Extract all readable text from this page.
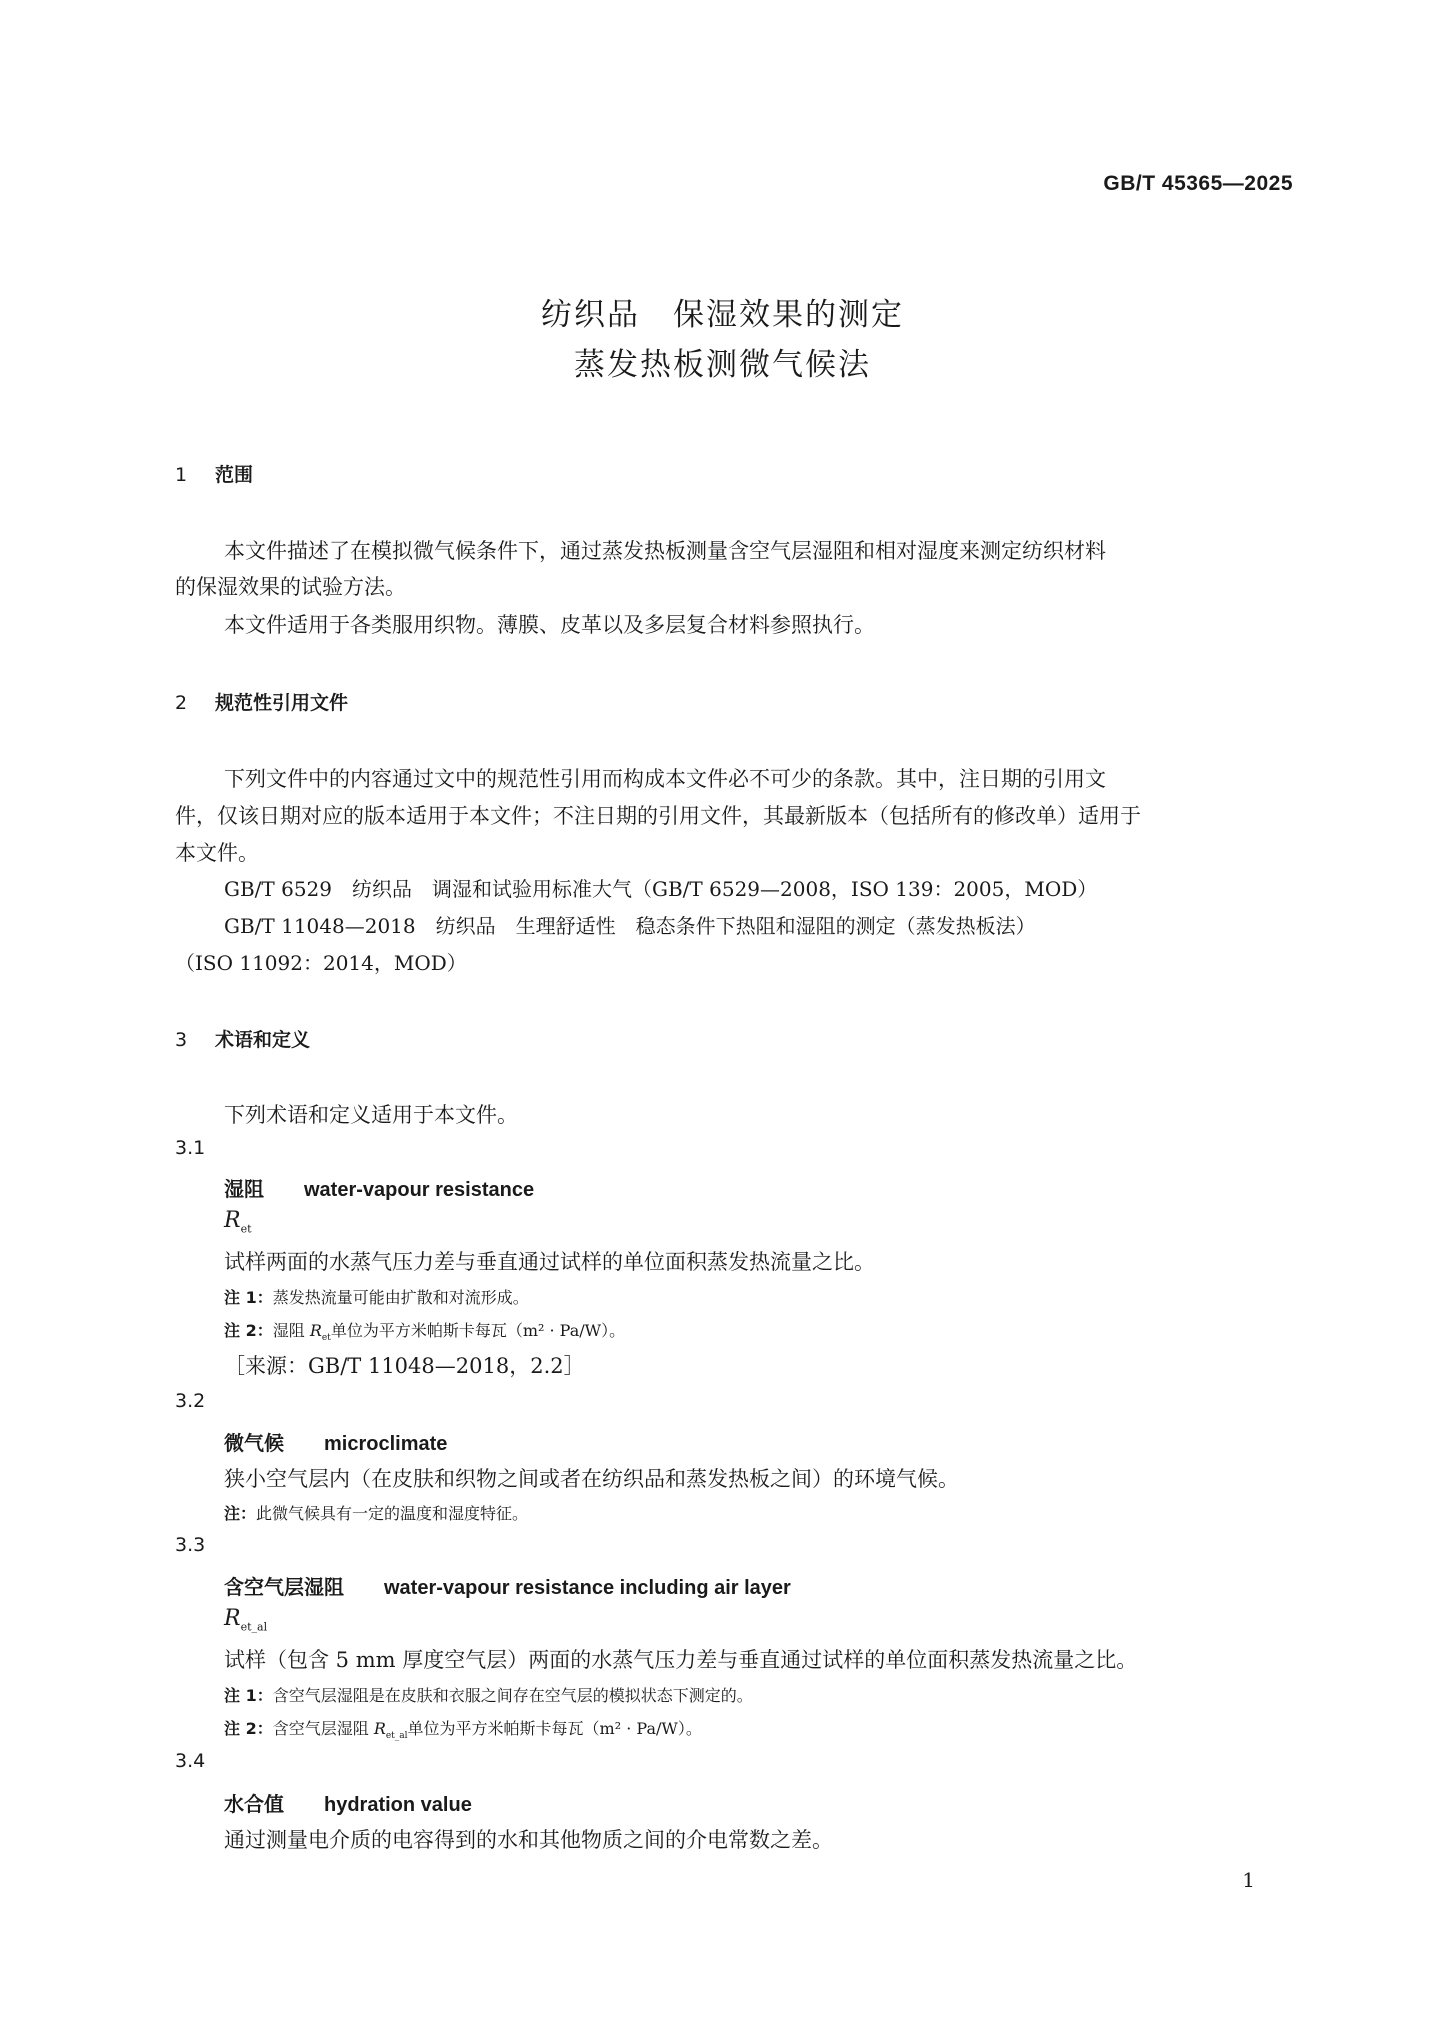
GB/T 45365—2025
纺织品　保湿效果的测定
蒸发热板测微气候法
1 范围
本文件描述了在模拟微气候条件下，通过蒸发热板测量含空气层湿阻和相对湿度来测定纺织材料
的保湿效果的试验方法。
本文件适用于各类服用织物。薄膜、皮革以及多层复合材料参照执行。
2 规范性引用文件
下列文件中的内容通过文中的规范性引用而构成本文件必不可少的条款。其中，注日期的引用文
件，仅该日期对应的版本适用于本文件；不注日期的引用文件，其最新版本（包括所有的修改单）适用于
本文件。
GB/T 6529　纺织品　调湿和试验用标准大气（GB/T 6529—2008，ISO 139：2005，MOD）
GB/T 11048—2018　纺织品　生理舒适性　稳态条件下热阻和湿阻的测定（蒸发热板法）
（ISO 11092：2014，MOD）
3 术语和定义
下列术语和定义适用于本文件。
3.1
湿阻 water-vapour resistance
$R_{et}$
试样两面的水蒸气压力差与垂直通过试样的单位面积蒸发热流量之比。
注 1：蒸发热流量可能由扩散和对流形成。
注 2：湿阻 $R_{et}$单位为平方米帕斯卡每瓦（m² · Pa/W）。
［来源：GB/T 11048—2018，2.2］
3.2
微气候 microclimate
狭小空气层内（在皮肤和织物之间或者在纺织品和蒸发热板之间）的环境气候。
注：此微气候具有一定的温度和湿度特征。
3.3
含空气层湿阻 water-vapour resistance including air layer
$R_{et\_al}$
试样（包含 5 mm 厚度空气层）两面的水蒸气压力差与垂直通过试样的单位面积蒸发热流量之比。
注 1：含空气层湿阻是在皮肤和衣服之间存在空气层的模拟状态下测定的。
注 2：含空气层湿阻 $R_{et\_al}$单位为平方米帕斯卡每瓦（m² · Pa/W）。
3.4
水合值 hydration value
通过测量电介质的电容得到的水和其他物质之间的介电常数之差。
1
